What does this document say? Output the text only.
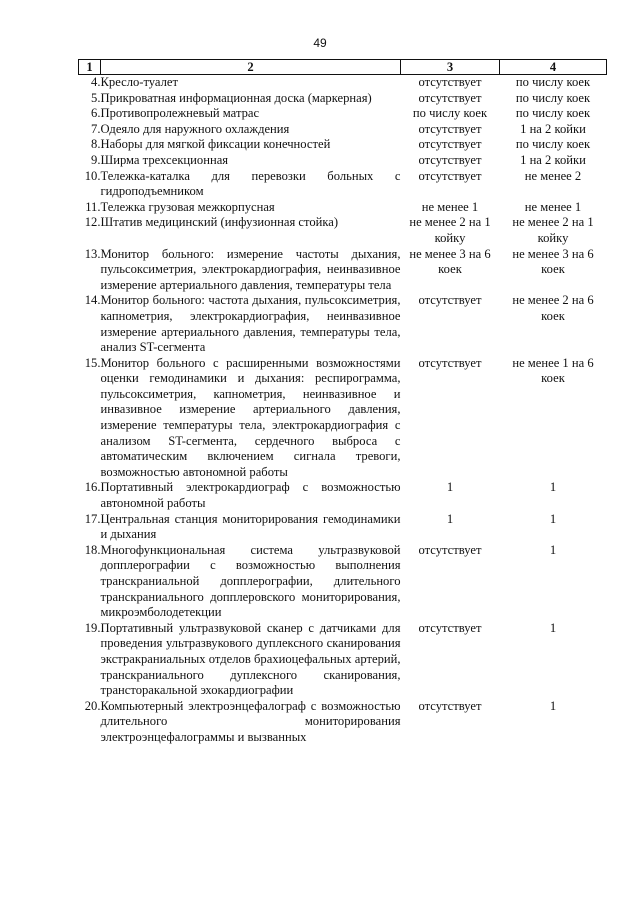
49
1	2	3	4
4.	Кресло-туалет	отсутствует	по числу коек
5.	Прикроватная информационная доска (маркерная)	отсутствует	по числу коек
6.	Противопролежневый матрас	по числу коек	по числу коек
7.	Одеяло для наружного охлаждения	отсутствует	1 на 2 койки
8.	Наборы для мягкой фиксации конечностей	отсутствует	по числу коек
9.	Ширма трехсекционная	отсутствует	1 на 2 койки
10.	Тележка-каталка для перевозки больных с гидроподъемником	отсутствует	не менее 2
11.	Тележка грузовая межкорпусная	не менее 1	не менее 1
12.	Штатив медицинский (инфузионная стойка)	не менее 2 на 1 койку	не менее 2 на 1 койку
13.	Монитор больного: измерение частоты дыхания, пульсоксиметрия, электрокардиография, неинвазивное измерение артериального давления, температуры тела	не менее 3 на 6 коек	не менее 3 на 6 коек
14.	Монитор больного: частота дыхания, пульсоксиметрия, капнометрия, электрокардиография, неинвазивное измерение артериального давления, температуры тела, анализ ST-сегмента	отсутствует	не менее 2 на 6 коек
15.	Монитор больного с расширенными возможностями оценки гемодинамики и дыхания: респирограмма, пульсоксиметрия, капнометрия, неинвазивное и инвазивное измерение артериального давления, измерение температуры тела, электрокардиография с анализом ST-сегмента, сердечного выброса с автоматическим включением сигнала тревоги, возможностью автономной работы	отсутствует	не менее 1 на 6 коек
16.	Портативный электрокардиограф с возможностью автономной работы	1	1
17.	Центральная станция мониторирования гемодинамики и дыхания	1	1
18.	Многофункциональная система ультразвуковой допплерографии с возможностью выполнения транскраниальной допплерографии, длительного транскраниального допплеровского мониторирования, микроэмболодетекции	отсутствует	1
19.	Портативный ультразвуковой сканер с датчиками для проведения ультразвукового дуплексного сканирования экстракраниальных отделов брахиоцефальных артерий, транскраниального дуплексного сканирования, трансторакальной эхокардиографии	отсутствует	1
20.	Компьютерный электроэнцефалограф с возможностью длительного мониторирования электроэнцефалограммы и вызванных	отсутствует	1
